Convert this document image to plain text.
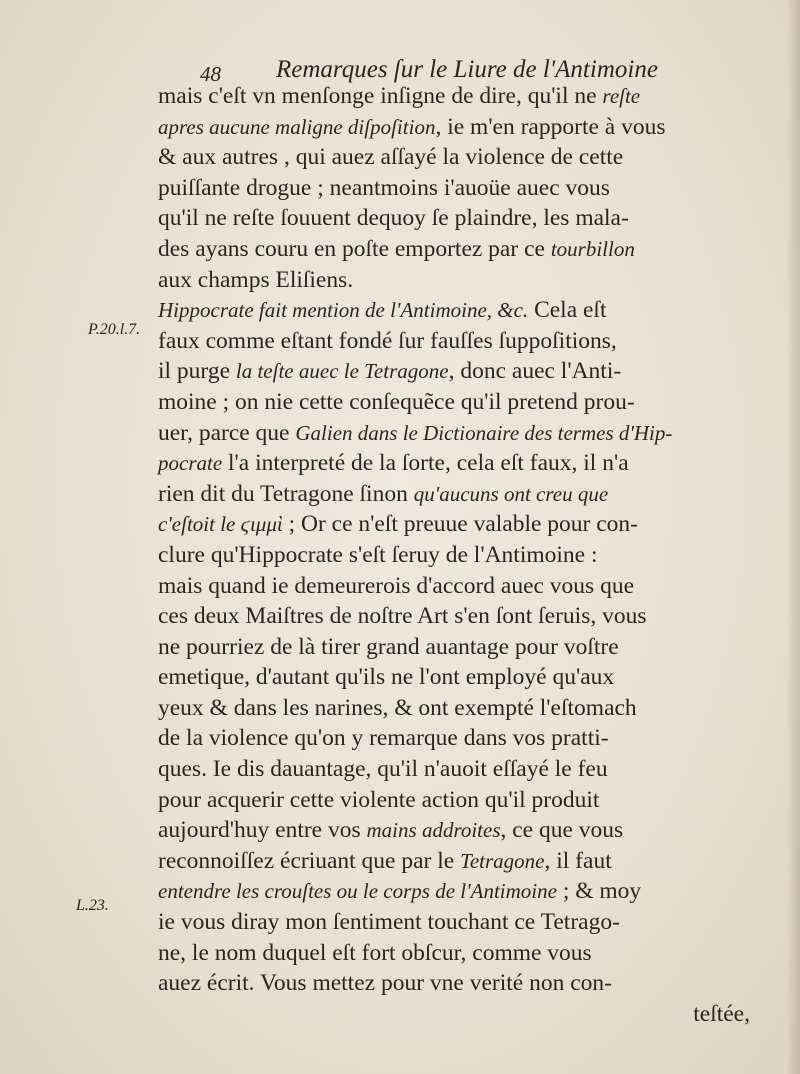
48 Remarques ſur le Liure de l'Antimoine
P.20.l.7.
L.23.
mais c'eſt vn menſonge inſigne de dire, qu'il ne reſte
apres aucune maligne diſpoſition, ie m'en rapporte à vous
& aux autres , qui auez aſſayé la violence de cette
puiſſante drogue ; neantmoins i'auoüe auec vous
qu'il ne reſte ſouuent dequoy ſe plaindre, les mala-
des ayans couru en poſte emportez par ce tourbillon
aux champs Eliſiens.
Hippocrate fait mention de l'Antimoine, &c. Cela eſt
faux comme eſtant fondé ſur fauſſes ſuppoſitions,
il purge la teſte auec le Tetragone, donc auec l'Anti-
moine ; on nie cette conſequẽce qu'il pretend prou-
uer, parce que Galien dans le Dictionaire des termes d'Hip-
pocrate l'a interpreté de la ſorte, cela eſt faux, il n'a
rien dit du Tetragone ſinon qu'aucuns ont creu que
c'eſtoit le ϛιμμὶ ; Or ce n'eſt preuue valable pour con-
clure qu'Hippocrate s'eſt ſeruy de l'Antimoine :
mais quand ie demeurerois d'accord auec vous que
ces deux Maiſtres de noſtre Art s'en ſont ſeruis, vous
ne pourriez de là tirer grand auantage pour voſtre
emetique, d'autant qu'ils ne l'ont employé qu'aux
yeux & dans les narines, & ont exempté l'eſtomach
de la violence qu'on y remarque dans vos pratti-
ques. Ie dis dauantage, qu'il n'auoit eſſayé le feu
pour acquerir cette violente action qu'il produit
aujourd'huy entre vos mains addroites, ce que vous
reconnoiſſez écriuant que par le Tetragone, il faut
entendre les crouſtes ou le corps de l'Antimoine ; & moy
ie vous diray mon ſentiment touchant ce Tetrago-
ne, le nom duquel eſt fort obſcur, comme vous
auez écrit. Vous mettez pour vne verité non con-
teſtée,
